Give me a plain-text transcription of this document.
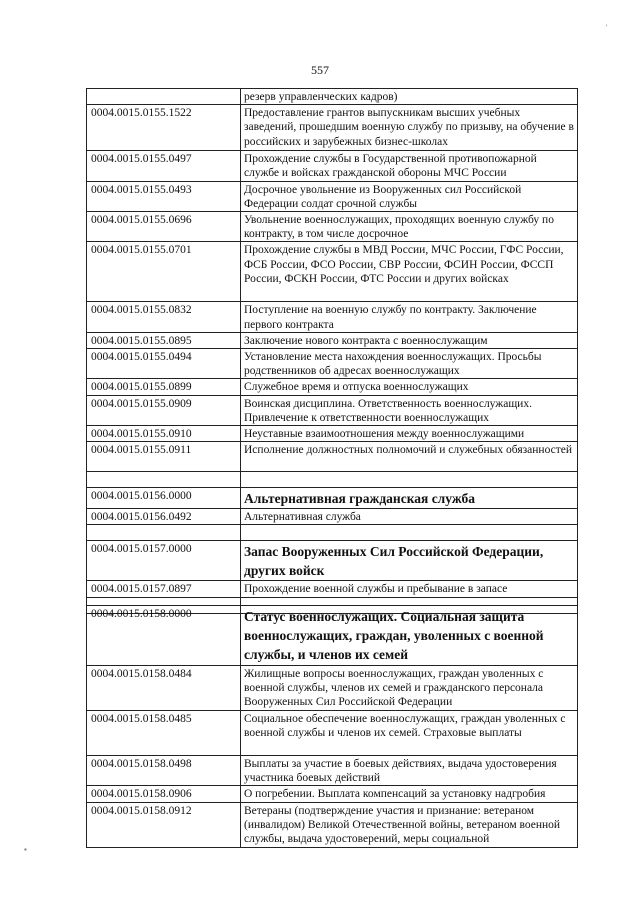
'
▪
557
	резерв управленческих кадров)
0004.0015.0155.1522	Предоставление грантов выпускникам высших учебных заведений, прошедшим военную службу по призыву, на обучение в российских и зарубежных бизнес-школах
0004.0015.0155.0497	Прохождение службы в Государственной противопожарной службе и войсках гражданской обороны МЧС России
0004.0015.0155.0493	Досрочное увольнение из Вооруженных сил Российской Федерации солдат срочной службы
0004.0015.0155.0696	Увольнение военнослужащих, проходящих военную службу по контракту, в том числе досрочное
0004.0015.0155.0701	Прохождение службы в МВД России, МЧС России, ГФС России, ФСБ России, ФСО России, СВР России, ФСИН России, ФССП России, ФСКН России, ФТС России и других войсках
0004.0015.0155.0832	Поступление на военную службу по контракту. Заключение первого контракта
0004.0015.0155.0895	Заключение нового контракта с военнослужащим
0004.0015.0155.0494	Установление места нахождения военнослужащих. Просьбы родственников об адресах военнослужащих
0004.0015.0155.0899	Служебное время и отпуска военнослужащих
0004.0015.0155.0909	Воинская дисциплина. Ответственность военнослужащих. Привлечение к ответственности военнослужащих
0004.0015.0155.0910	Неуставные взаимоотношения между военнослужащими
0004.0015.0155.0911	Исполнение должностных полномочий и служебных обязанностей

0004.0015.0156.0000	Альтернативная гражданская служба
0004.0015.0156.0492	Альтернативная служба

0004.0015.0157.0000	Запас Вооруженных Сил Российской Федерации, других войск
0004.0015.0157.0897	Прохождение военной службы и пребывание в запасе

0004.0015.0158.0000	Статус военнослужащих. Социальная защита военнослужащих, граждан, уволенных с военной службы, и членов их семей
0004.0015.0158.0484	Жилищные вопросы военнослужащих, граждан уволенных с военной службы, членов их семей и гражданского персонала Вооруженных Сил Российской Федерации
0004.0015.0158.0485	Социальное обеспечение военнослужащих, граждан уволенных с военной службы и членов их семей. Страховые выплаты
0004.0015.0158.0498	Выплаты за участие в боевых действиях, выдача удостоверения участника боевых действий
0004.0015.0158.0906	О погребении. Выплата компенсаций за установку надгробия
0004.0015.0158.0912	Ветераны (подтверждение участия и признание: ветераном (инвалидом) Великой Отечественной войны, ветераном военной службы, выдача удостоверений, меры социальной
